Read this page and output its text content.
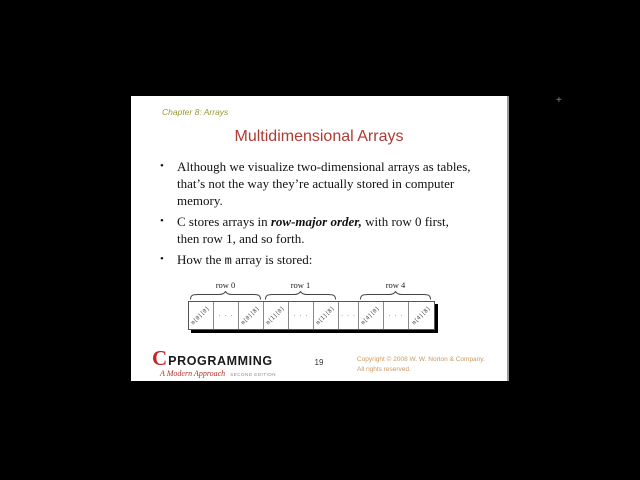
Chapter 8: Arrays
Multidimensional Arrays
•	Although we visualize two-dimensional arrays as tables, that’s not the way they’re actually stored in computer memory.
•	C stores arrays in row-major order, with row 0 first, then row 1, and so forth.
•	How the m array is stored:
row 0	row 1	row 4
m[0][0] · · · m[0][8] m[1][0] · · · m[1][8] · · · m[4][0] · · · m[4][8]
C PROGRAMMING
A Modern Approach SECOND EDITION
19	Copyright © 2008 W. W. Norton & Company.
All rights reserved.
+
